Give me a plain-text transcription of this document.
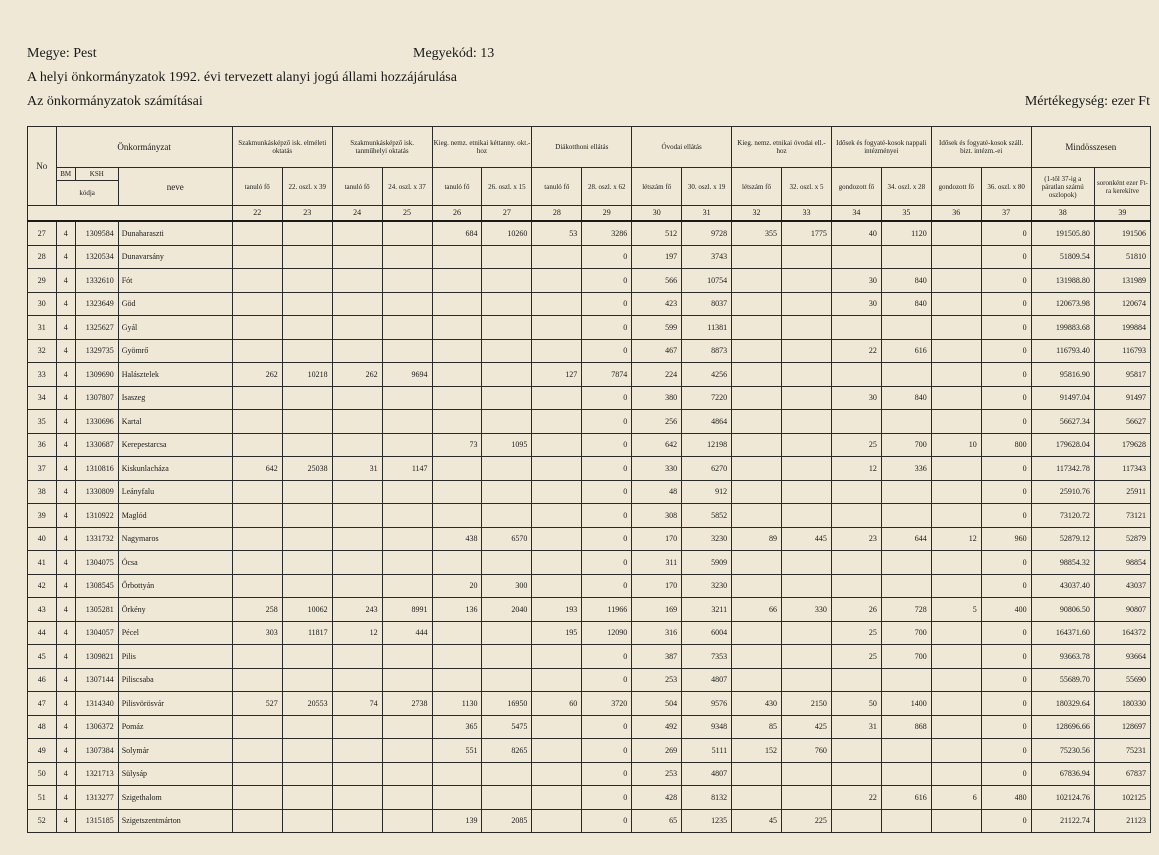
Megye: Pest	Megyekód: 13
A helyi önkormányzatok 1992. évi tervezett alanyi jogú állami hozzájárulása
Az önkormányzatok számításai	Mértékegység: ezer Ft
No	Önkormányzat			Szakmunkásképző isk. elméleti oktatás		Szakmunkásképző isk. tanműhelyi oktatás		Kieg. nemz. etnikai kéttanny. okt.-hoz		Diákotthoni ellátás		Óvodai ellátás		Kieg. nemz. etnikai óvodai ell.-hoz		Idősek és fogyaté-kosok nappali intézményei		Idősek és fogyaté-kosok száll. bizt. intézm.-ei		Mindösszesen	
	BM	KSH	neve	tanuló fő	22. oszl. x 39	tanuló fő	24. oszl. x 37	tanuló fő	26. oszl. x 15	tanuló fő	28. oszl. x 62	létszám fő	30. oszl. x 19	létszám fő	32. oszl. x 5	gondozott fő	34. oszl. x 28	gondozott fő	36. oszl. x 80	(1-től 37-ig a páratlan számú oszlopok)	soronként ezer Ft-ra kerekítve
	kódja																				
				22	23	24	25	26	27	28	29	30	31	32	33	34	35	36	37	38	39
27	4	1309584	Dunaharaszti					684	10260	53	3286	512	9728	355	1775	40	1120		0	191505.80	191506
28	4	1320534	Dunavarsány								0	197	3743						0	51809.54	51810
29	4	1332610	Fót								0	566	10754			30	840		0	131988.80	131989
30	4	1323649	Göd								0	423	8037			30	840		0	120673.98	120674
31	4	1325627	Gyál								0	599	11381						0	199883.68	199884
32	4	1329735	Gyömrő								0	467	8873			22	616		0	116793.40	116793
33	4	1309690	Halásztelek	262	10218	262	9694			127	7874	224	4256						0	95816.90	95817
34	4	1307807	Isaszeg								0	380	7220			30	840		0	91497.04	91497
35	4	1330696	Kartal								0	256	4864						0	56627.34	56627
36	4	1330687	Kerepestarcsa					73	1095		0	642	12198			25	700	10	800	179628.04	179628
37	4	1310816	Kiskunlacháza	642	25038	31	1147				0	330	6270			12	336		0	117342.78	117343
38	4	1330809	Leányfalu								0	48	912						0	25910.76	25911
39	4	1310922	Maglód								0	308	5852						0	73120.72	73121
40	4	1331732	Nagymaros					438	6570		0	170	3230	89	445	23	644	12	960	52879.12	52879
41	4	1304075	Ócsa								0	311	5909						0	98854.32	98854
42	4	1308545	Őrbottyán					20	300		0	170	3230						0	43037.40	43037
43	4	1305281	Örkény	258	10062	243	8991	136	2040	193	11966	169	3211	66	330	26	728	5	400	90806.50	90807
44	4	1304057	Pécel	303	11817	12	444			195	12090	316	6004			25	700		0	164371.60	164372
45	4	1309821	Pilis								0	387	7353			25	700		0	93663.78	93664
46	4	1307144	Piliscsaba								0	253	4807						0	55689.70	55690
47	4	1314340	Pilisvörösvár	527	20553	74	2738	1130	16950	60	3720	504	9576	430	2150	50	1400		0	180329.64	180330
48	4	1306372	Pomáz					365	5475		0	492	9348	85	425	31	868		0	128696.66	128697
49	4	1307384	Solymár					551	8265		0	269	5111	152	760				0	75230.56	75231
50	4	1321713	Sülysáp								0	253	4807						0	67836.94	67837
51	4	1313277	Szigethalom								0	428	8132			22	616	6	480	102124.76	102125
52	4	1315185	Szigetszentmárton					139	2085		0	65	1235	45	225				0	21122.74	21123
